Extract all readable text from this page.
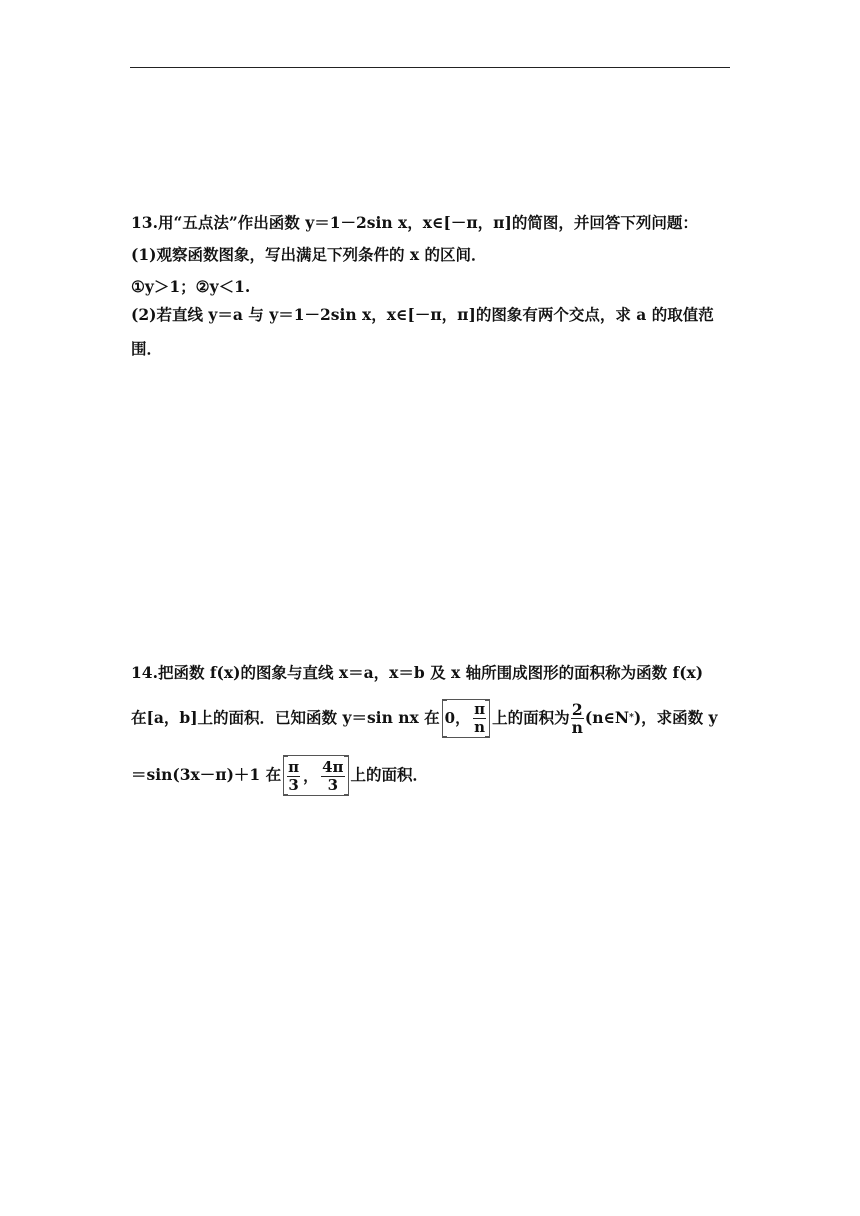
13.用“五点法”作出函数 y＝1－2sin x，x∈[－π，π]的简图，并回答下列问题：
(1)观察函数图象，写出满足下列条件的 x 的区间．
①y＞1；②y＜1.
(2)若直线 y＝a 与 y＝1－2sin x，x∈[－π，π]的图象有两个交点，求 a 的取值范
围．
14.把函数 f(x)的图象与直线 x＝a，x＝b 及 x 轴所围成图形的面积称为函数 f(x)
在[a，b]上的面积．已知函数 y＝sin nx 在 0， $\frac{\pi}{n}$ 上的面积为 $\frac{2}{n}$ (n∈N * )，求函数 y
＝sin(3x－π)＋1 在 $\frac{\pi}{3}$ ， $\frac{4\pi}{3}$ 上的面积．
